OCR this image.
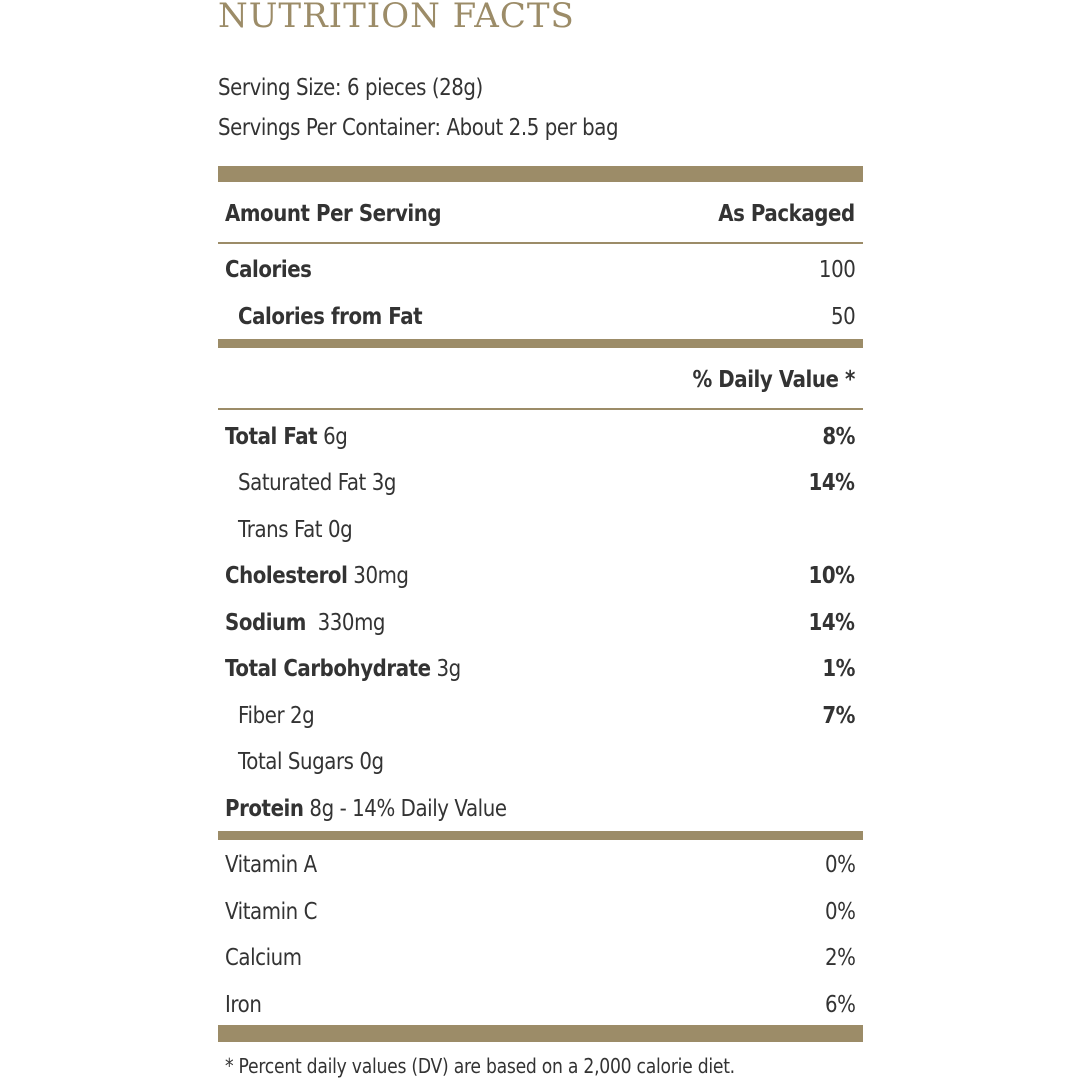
NUTRITION FACTS
Serving Size: 6 pieces (28g)
Servings Per Container: About 2.5 per bag
Amount Per Serving	As Packaged
Calories	100
Calories from Fat	50
% Daily Value *
Total Fat 6g	8%
Saturated Fat 3g	14%
Trans Fat 0g
Cholesterol 30mg	10%
Sodium 330mg	14%
Total Carbohydrate 3g	1%
Fiber 2g	7%
Total Sugars 0g
Protein 8g - 14% Daily Value
Vitamin A	0%
Vitamin C	0%
Calcium	2%
Iron	6%
* Percent daily values (DV) are based on a 2,000 calorie diet.
